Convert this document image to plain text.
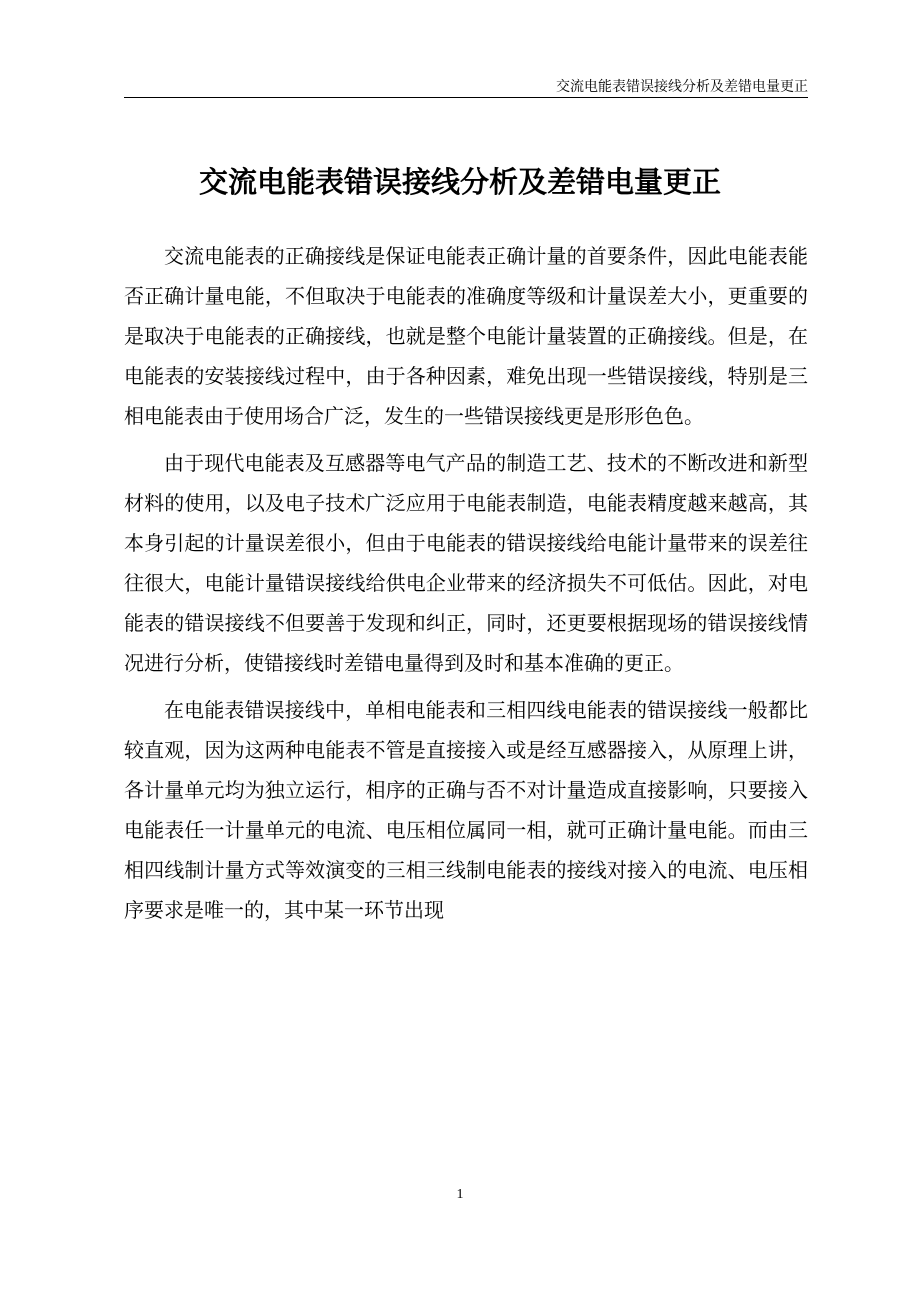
交流电能表错误接线分析及差错电量更正
交流电能表错误接线分析及差错电量更正

交流电能表的正确接线是保证电能表正确计量的首要条件，因此电能表能否正确计量电能，不但取决于电能表的准确度等级和计量误差大小，更重要的是取决于电能表的正确接线，也就是整个电能计量装置的正确接线。但是，在电能表的安装接线过程中，由于各种因素，难免出现一些错误接线，特别是三相电能表由于使用场合广泛，发生的一些错误接线更是形形色色。

由于现代电能表及互感器等电气产品的制造工艺、技术的不断改进和新型材料的使用，以及电子技术广泛应用于电能表制造，电能表精度越来越高，其本身引起的计量误差很小，但由于电能表的错误接线给电能计量带来的误差往往很大，电能计量错误接线给供电企业带来的经济损失不可低估。因此，对电能表的错误接线不但要善于发现和纠正，同时，还更要根据现场的错误接线情况进行分析，使错接线时差错电量得到及时和基本准确的更正。

在电能表错误接线中，单相电能表和三相四线电能表的错误接线一般都比较直观，因为这两种电能表不管是直接接入或是经互感器接入，从原理上讲，各计量单元均为独立运行，相序的正确与否不对计量造成直接影响，只要接入电能表任一计量单元的电流、电压相位属同一相，就可正确计量电能。而由三相四线制计量方式等效演变的三相三线制电能表的接线对接入的电流、电压相序要求是唯一的，其中某一环节出现

1
